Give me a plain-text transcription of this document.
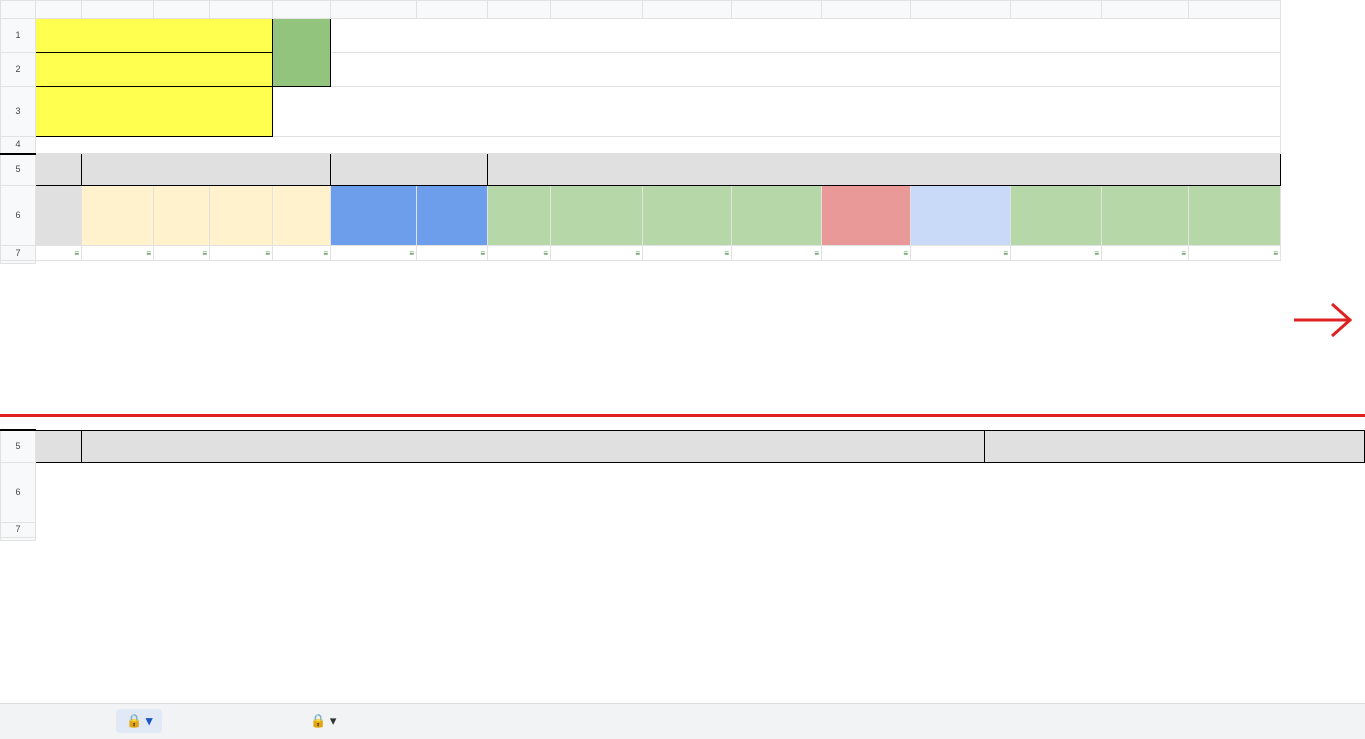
1																
2																
3																
4																
5																
6																
7	≡	≡	≡	≡	≡	≡	≡	≡	≡	≡	≡	≡	≡	≡	≡	≡

5			
6			
7			

🔒 ▾	🔒 ▾
